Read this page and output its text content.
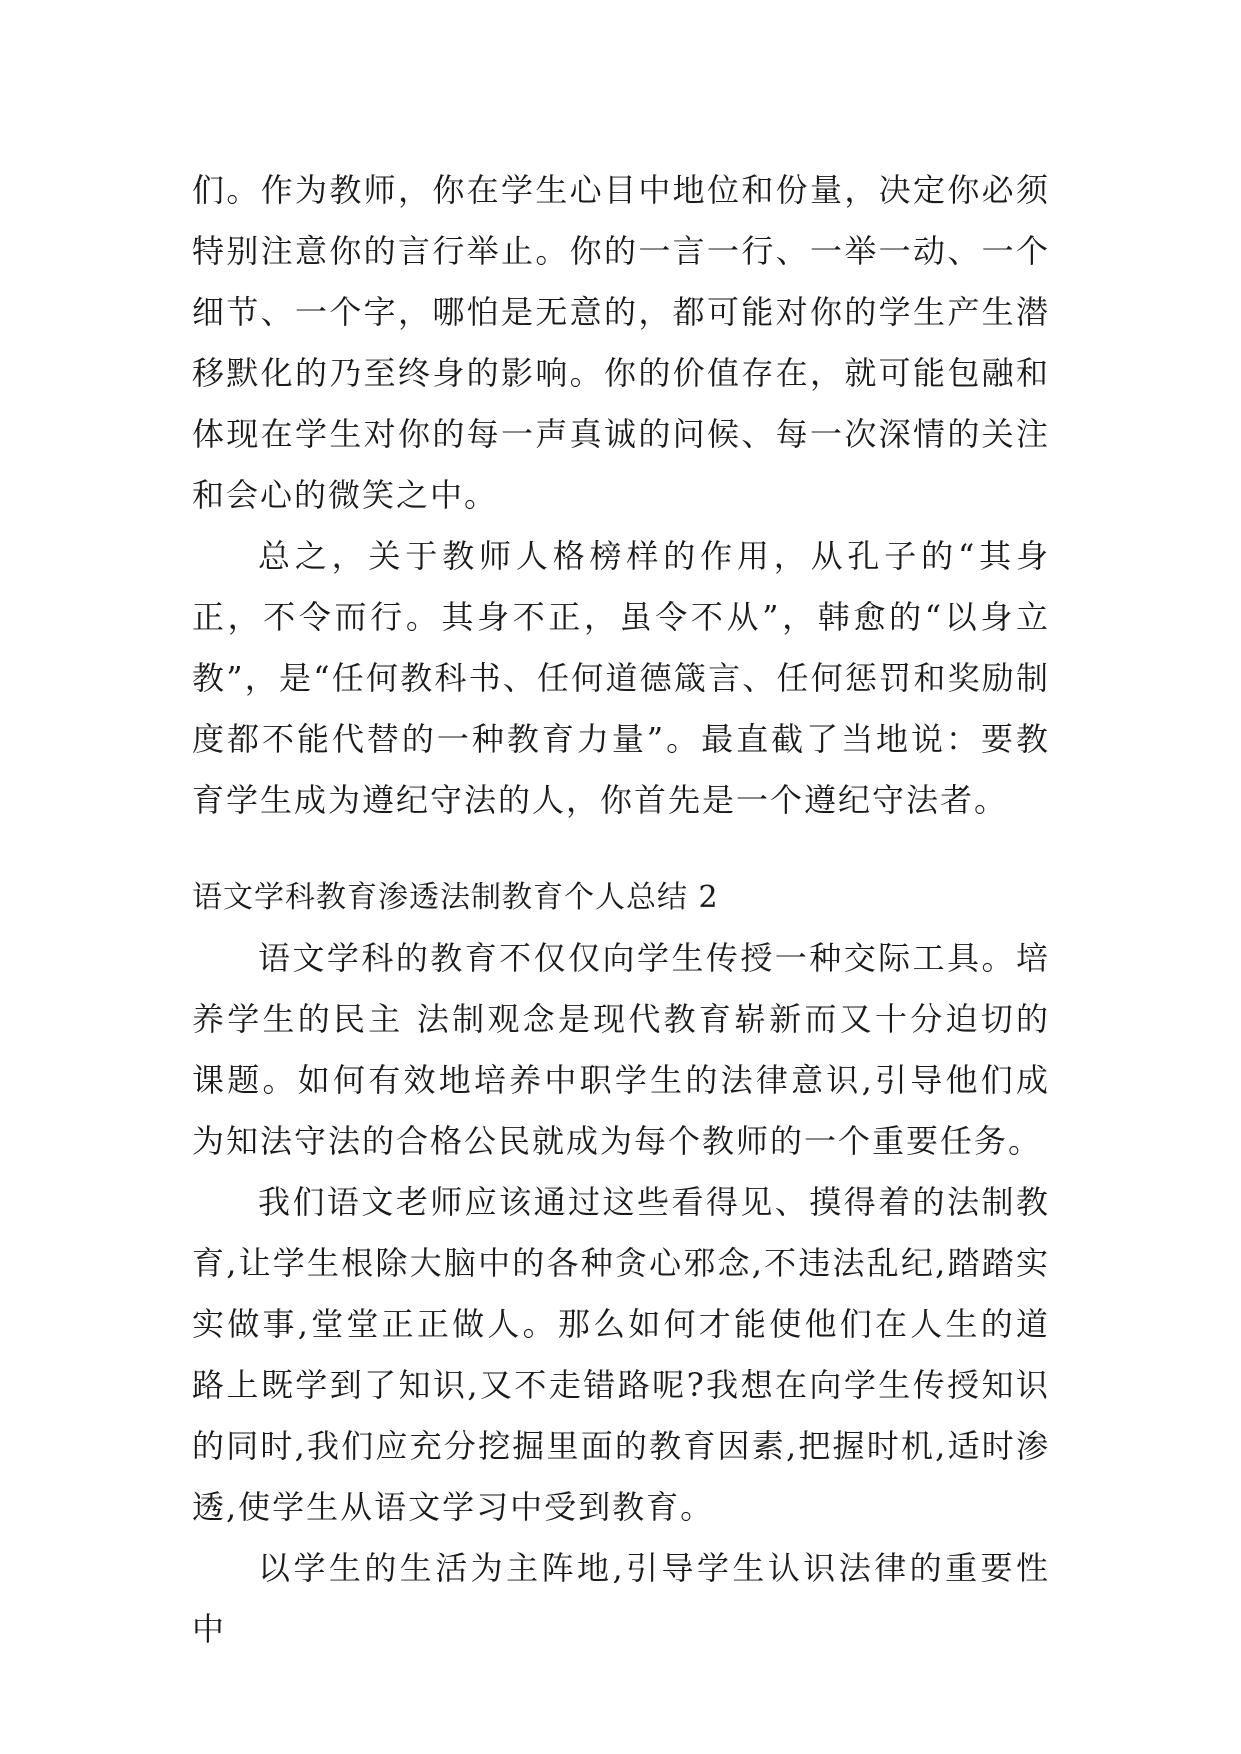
们。作为教师，你在学生心目中地位和份量，决定你必须特别注意你的言行举止。你的一言一行、一举一动、一个细节、一个字，哪怕是无意的，都可能对你的学生产生潜移默化的乃至终身的影响。你的价值存在，就可能包融和体现在学生对你的每一声真诚的问候、每一次深情的关注和会心的微笑之中。

总之，关于教师人格榜样的作用，从孔子的“其身正，不令而行。其身不正，虽令不从”，韩愈的“以身立教”，是“任何教科书、任何道德箴言、任何惩罚和奖励制度都不能代替的一种教育力量”。最直截了当地说：要教育学生成为遵纪守法的人，你首先是一个遵纪守法者。

语文学科教育渗透法制教育个人总结 2

语文学科的教育不仅仅向学生传授一种交际工具。培养学生的民主 法制观念是现代教育崭新而又十分迫切的课题。如何有效地培养中职学生的法律意识,引导他们成为知法守法的合格公民就成为每个教师的一个重要任务。

我们语文老师应该通过这些看得见、摸得着的法制教育,让学生根除大脑中的各种贪心邪念,不违法乱纪,踏踏实实做事,堂堂正正做人。那么如何才能使他们在人生的道路上既学到了知识,又不走错路呢?我想在向学生传授知识的同时,我们应充分挖掘里面的教育因素,把握时机,适时渗透,使学生从语文学习中受到教育。

以学生的生活为主阵地,引导学生认识法律的重要性中
